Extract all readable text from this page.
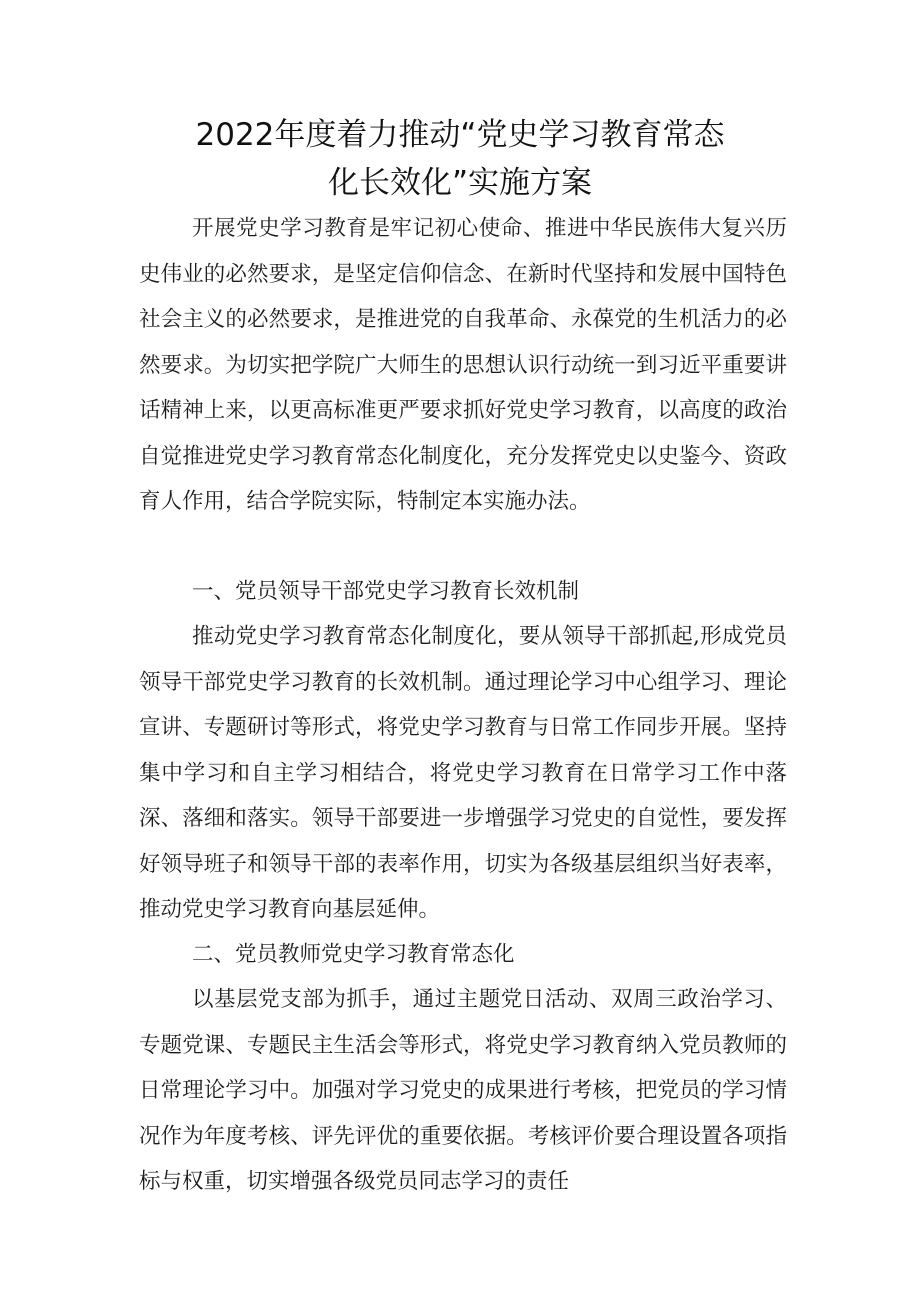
2022年度着力推动“党史学习教育常态
化长效化”实施方案

开展党史学习教育是牢记初心使命、推进中华民族伟大复兴历史伟业的必然要求，是坚定信仰信念、在新时代坚持和发展中国特色社会主义的必然要求，是推进党的自我革命、永葆党的生机活力的必然要求。为切实把学院广大师生的思想认识行动统一到习近平重要讲话精神上来，以更高标准更严要求抓好党史学习教育，以高度的政治自觉推进党史学习教育常态化制度化，充分发挥党史以史鉴今、资政育人作用，结合学院实际，特制定本实施办法。

一、党员领导干部党史学习教育长效机制

推动党史学习教育常态化制度化，要从领导干部抓起,形成党员领导干部党史学习教育的长效机制。通过理论学习中心组学习、理论宣讲、专题研讨等形式，将党史学习教育与日常工作同步开展。坚持集中学习和自主学习相结合，将党史学习教育在日常学习工作中落深、落细和落实。领导干部要进一步增强学习党史的自觉性，要发挥好领导班子和领导干部的表率作用，切实为各级基层组织当好表率，推动党史学习教育向基层延伸。

二、党员教师党史学习教育常态化

以基层党支部为抓手，通过主题党日活动、双周三政治学习、专题党课、专题民主生活会等形式，将党史学习教育纳入党员教师的日常理论学习中。加强对学习党史的成果进行考核，把党员的学习情况作为年度考核、评先评优的重要依据。考核评价要合理设置各项指标与权重，切实增强各级党员同志学习的责任
